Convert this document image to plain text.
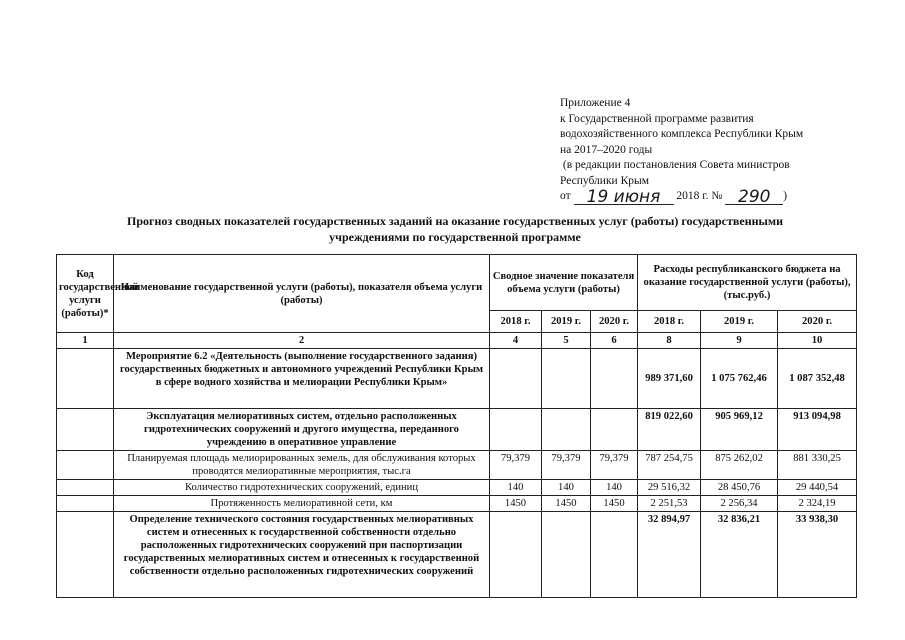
Приложение 4
к Государственной программе развития
водохозяйственного комплекса Республики Крым
на 2017–2020 годы
(в редакции постановления Совета министров
Республики Крым
от 19 июня 2018 г. № 290 )
Прогноз сводных показателей государственных заданий на оказание государственных услуг (работы) государственными
учреждениями по государственной программе
Код государственной услуги (работы)*	Наименование государственной услуги (работы), показателя объема услуги (работы)	Сводное значение показателя объема услуги (работы)			Расходы республиканского бюджета на оказание государственной услуги (работы), (тыс.руб.)		
		2018 г.	2019 г.	2020 г.	2018 г.	2019 г.	2020 г.
1	2	4	5	6	8	9	10
	Мероприятие 6.2 «Деятельность (выполнение государственного задания) государственных бюджетных и автономного учреждений Республики Крым в сфере водного хозяйства и мелиорации Республики Крым»				989 371,60	1 075 762,46	1 087 352,48
	Эксплуатация мелиоративных систем, отдельно расположенных гидротехнических сооружений и другого имущества, переданного учреждению в оперативное управление				819 022,60	905 969,12	913 094,98
	Планируемая площадь мелиорированных земель, для обслуживания которых проводятся мелиоративные мероприятия, тыс.га	79,379	79,379	79,379	787 254,75	875 262,02	881 330,25
	Количество гидротехнических сооружений, единиц	140	140	140	29 516,32	28 450,76	29 440,54
	Протяженность мелиоративной сети, км	1450	1450	1450	2 251,53	2 256,34	2 324,19
	Определение технического состояния государственных мелиоративных систем и отнесенных к государственной собственности отдельно расположенных гидротехнических сооружений при паспортизации государственных мелиоративных систем и отнесенных к государственной собственности отдельно расположенных гидротехнических сооружений				32 894,97	32 836,21	33 938,30
